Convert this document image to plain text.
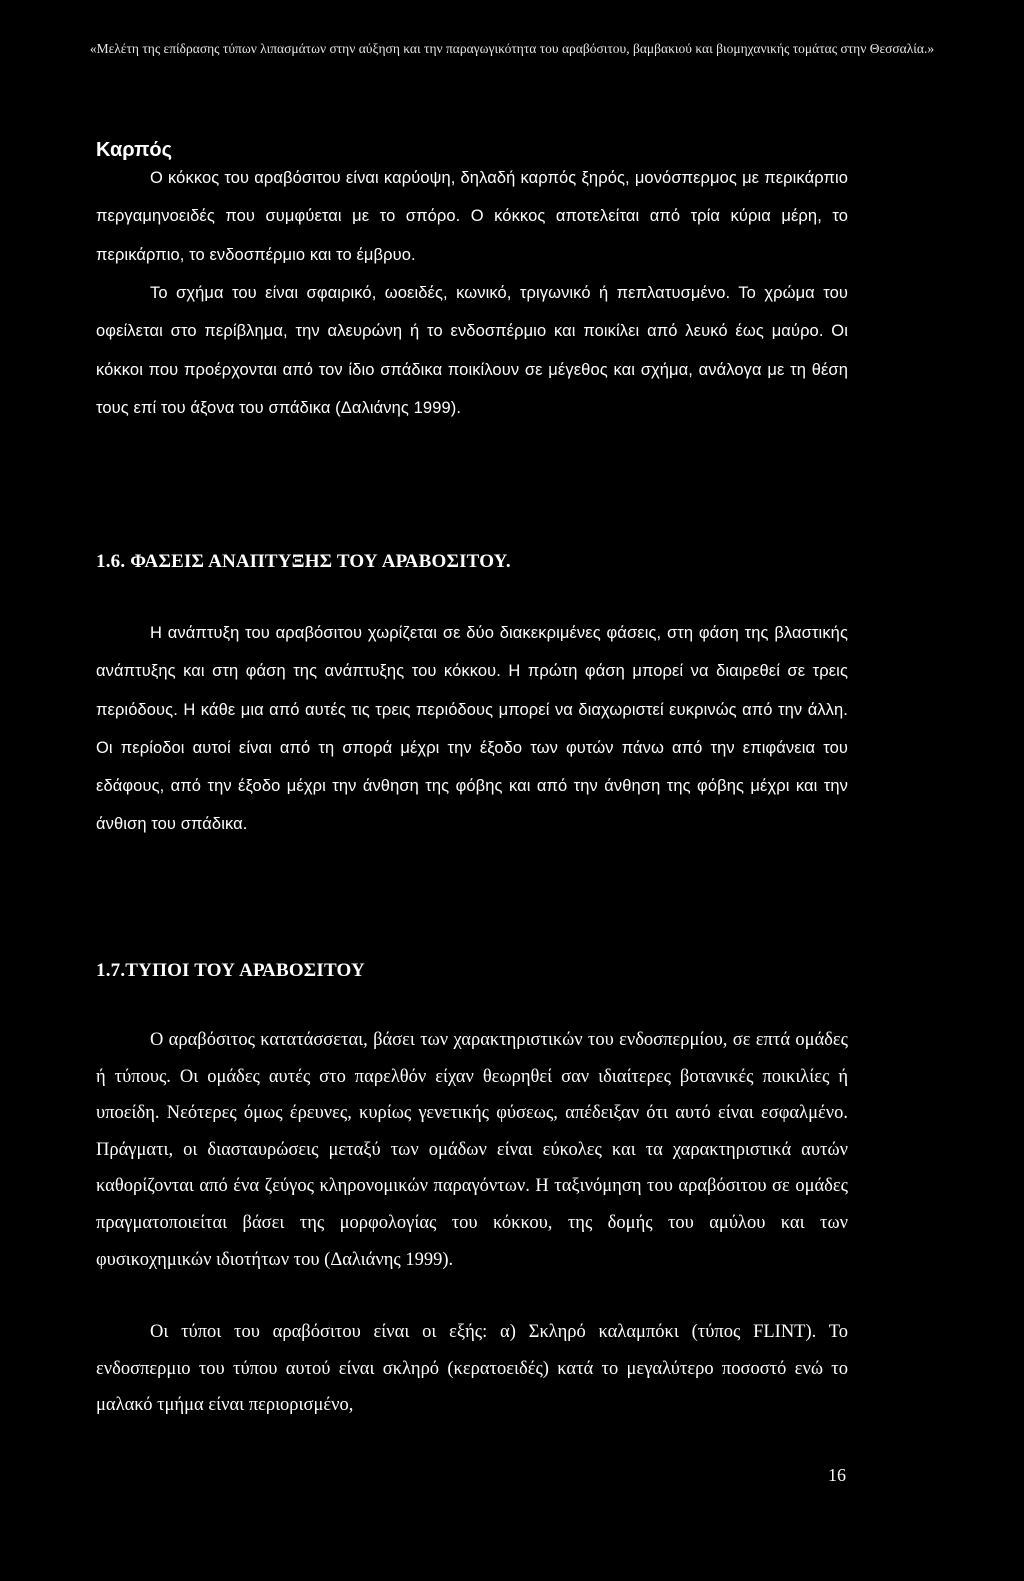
«Μελέτη της επίδρασης τύπων λιπασμάτων στην αύξηση και την παραγωγικότητα του αραβόσιτου, βαμβακιού και βιομηχανικής τομάτας στην Θεσσαλία.»
Καρπός

Ο κόκκος του αραβόσιτου είναι καρύοψη, δηλαδή καρπός ξηρός, μονόσπερμος με περικάρπιο περγαμηνοειδές που συμφύεται με το σπόρο. Ο κόκκος αποτελείται από τρία κύρια μέρη, το περικάρπιο, το ενδοσπέρμιο και το έμβρυο.

Το σχήμα του είναι σφαιρικό, ωοειδές, κωνικό, τριγωνικό ή πεπλατυσμένο. Το χρώμα του οφείλεται στο περίβλημα, την αλευρώνη ή το ενδοσπέρμιο και ποικίλει από λευκό έως μαύρο. Οι κόκκοι που προέρχονται από τον ίδιο σπάδικα ποικίλουν σε μέγεθος και σχήμα, ανάλογα με τη θέση τους επί του άξονα του σπάδικα (Δαλιάνης 1999).

1.6. ΦΑΣΕΙΣ ΑΝΑΠΤΥΞΗΣ ΤΟΥ ΑΡΑΒΟΣΙΤΟΥ.

Η ανάπτυξη του αραβόσιτου χωρίζεται σε δύο διακεκριμένες φάσεις, στη φάση της βλαστικής ανάπτυξης και στη φάση της ανάπτυξης του κόκκου. Η πρώτη φάση μπορεί να διαιρεθεί σε τρεις περιόδους. Η κάθε μια από αυτές τις τρεις περιόδους μπορεί να διαχωριστεί ευκρινώς από την άλλη. Οι περίοδοι αυτοί είναι από τη σπορά μέχρι την έξοδο των φυτών πάνω από την επιφάνεια του εδάφους, από την έξοδο μέχρι την άνθηση της φόβης και από την άνθηση της φόβης μέχρι και την άνθιση του σπάδικα.

1.7.ΤΥΠΟΙ ΤΟΥ ΑΡΑΒΟΣΙΤΟΥ

Ο αραβόσιτος κατατάσσεται, βάσει των χαρακτηριστικών του ενδοσπερμίου, σε επτά ομάδες ή τύπους. Οι ομάδες αυτές στο παρελθόν είχαν θεωρηθεί σαν ιδιαίτερες βοτανικές ποικιλίες ή υποείδη. Νεότερες όμως έρευνες, κυρίως γενετικής φύσεως, απέδειξαν ότι αυτό είναι εσφαλμένο. Πράγματι, οι διασταυρώσεις μεταξύ των ομάδων είναι εύκολες και τα χαρακτηριστικά αυτών καθορίζονται από ένα ζεύγος κληρονομικών παραγόντων. Η ταξινόμηση του αραβόσιτου σε ομάδες πραγματοποιείται βάσει της μορφολογίας του κόκκου, της δομής του αμύλου και των φυσικοχημικών ιδιοτήτων του (Δαλιάνης 1999).

Οι τύποι του αραβόσιτου είναι οι εξής: α) Σκληρό καλαμπόκι (τύπος FLINT). Το ενδοσπερμιο του τύπου αυτού είναι σκληρό (κερατοειδές) κατά το μεγαλύτερο ποσοστό ενώ το μαλακό τμήμα είναι περιορισμένο,

16
